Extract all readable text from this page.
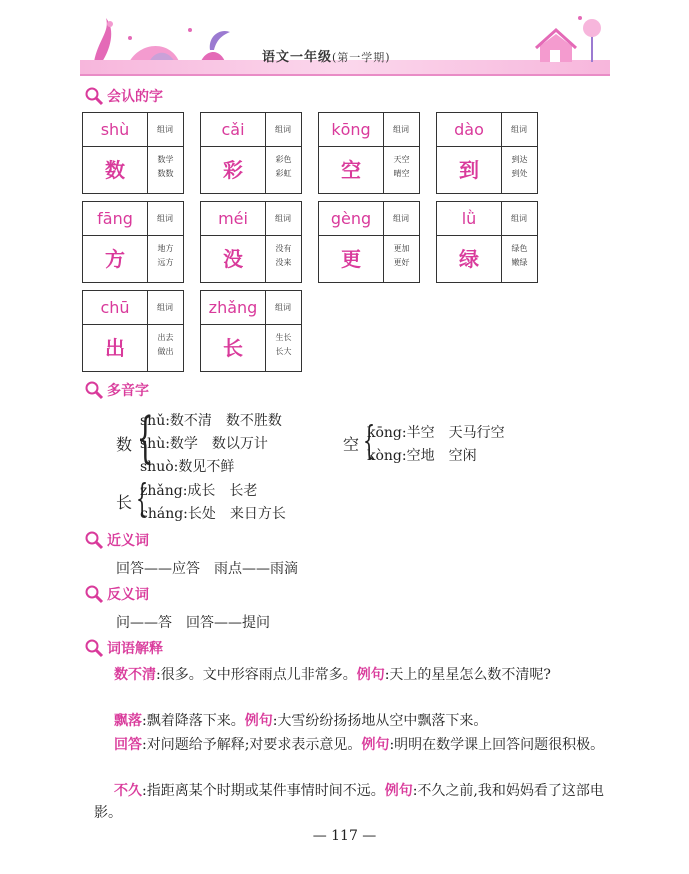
语文一年级(第一学期)
会认的字
shù	组词
数	数学
数数
cǎi	组词
彩	彩色
彩虹
kōng	组词
空	天空
晴空
dào	组词
到	到达
到处
fāng	组词
方	地方
远方
méi	组词
没	没有
没来
gèng	组词
更	更加
更好
lǜ	组词
绿	绿色
嫩绿
chū	组词
出	出去
做出
zhǎng	组词
长	生长
长大
多音字
数 {
shǔ:数不清　数不胜数
shù:数学　数以万计
shuò:数见不鲜
长 {
zhǎng:成长　长老
cháng:长处　来日方长
空 {
kōng:半空　天马行空
kòng:空地　空闲
近义词
回答——应答　雨点——雨滴
反义词
问——答　回答——提问
词语解释
数不清:很多。文中形容雨点儿非常多。例句:天上的星星怎么数不清呢?
飘落:飘着降落下来。例句:大雪纷纷扬扬地从空中飘落下来。
回答:对问题给予解释;对要求表示意见。例句:明明在数学课上回答问题很积极。
不久:指距离某个时期或某件事情时间不远。例句:不久之前,我和妈妈看了这部电影。
— 117 —
